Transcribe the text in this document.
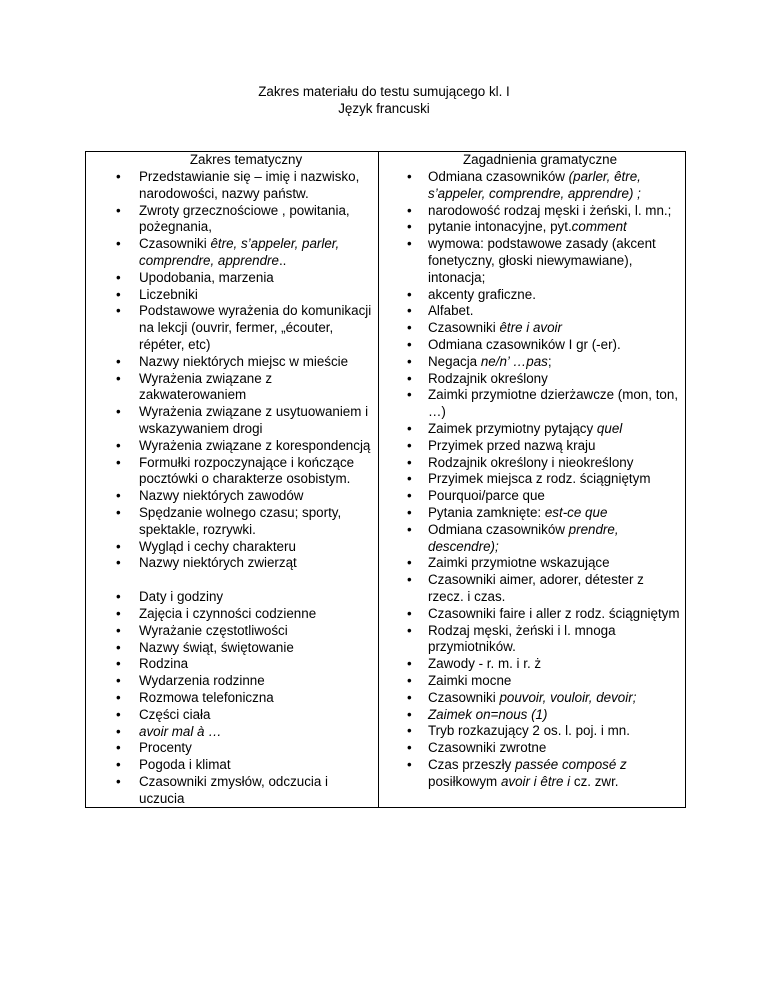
Zakres materiału do testu sumującego kl. I
Język francuski
Zakres tematyczny
• Przedstawianie się – imię i nazwisko, narodowości, nazwy państw.
• Zwroty grzecznościowe , powitania, pożegnania,
• Czasowniki être, s’appeler, parler, comprendre, apprendre..
• Upodobania, marzenia
• Liczebniki
• Podstawowe wyrażenia do komunikacji na lekcji (ouvrir, fermer, „écouter, répéter, etc)
• Nazwy niektórych miejsc w mieście
• Wyrażenia związane z zakwaterowaniem
• Wyrażenia związane z usytuowaniem i wskazywaniem drogi
• Wyrażenia związane z korespondencją
• Formułki rozpoczynające i kończące pocztówki o charakterze osobistym.
• Nazwy niektórych zawodów
• Spędzanie wolnego czasu; sporty, spektakle, rozrywki.
• Wygląd i cechy charakteru
• Nazwy niektórych zwierząt
• Daty i godziny
• Zajęcia i czynności codzienne
• Wyrażanie częstotliwości
• Nazwy świąt, świętowanie
• Rodzina
• Wydarzenia rodzinne
• Rozmowa telefoniczna
• Części ciała
• avoir mal à …
• Procenty
• Pogoda i klimat
• Czasowniki zmysłów, odczucia i uczucia

Zagadnienia gramatyczne
• Odmiana czasowników (parler, être, s’appeler, comprendre, apprendre) ;
• narodowość rodzaj męski i żeński, l. mn.;
• pytanie intonacyjne, pyt.comment
• wymowa: podstawowe zasady (akcent fonetyczny, głoski niewymawiane), intonacja;
• akcenty graficzne.
• Alfabet.
• Czasowniki être i avoir
• Odmiana czasowników I gr (-er).
• Negacja ne/n’ …pas;
• Rodzajnik określony
• Zaimki przymiotne dzierżawcze (mon, ton, …)
• Zaimek przymiotny pytający quel
• Przyimek przed nazwą kraju
• Rodzajnik określony i nieokreślony
• Przyimek miejsca z rodz. ściągniętym
• Pourquoi/parce que
• Pytania zamknięte: est-ce que
• Odmiana czasowników prendre, descendre);
• Zaimki przymiotne wskazujące
• Czasowniki aimer, adorer, détester z rzecz. i czas.
• Czasowniki faire i aller z rodz. ściągniętym
• Rodzaj męski, żeński i l. mnoga przymiotników.
• Zawody - r. m. i r. ż
• Zaimki mocne
• Czasowniki pouvoir, vouloir, devoir;
• Zaimek on=nous (1)
• Tryb rozkazujący 2 os. l. poj. i mn.
• Czasowniki zwrotne
• Czas przeszły passée composé z posiłkowym avoir i être i cz. zwr.
